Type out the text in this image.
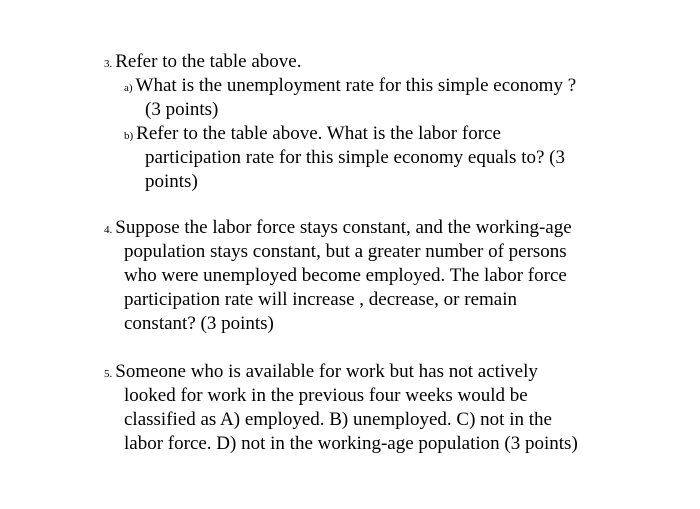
3. Refer to the table above.
a) What is the unemployment rate for this simple economy ?
(3 points)
b) Refer to the table above. What is the labor force
participation rate for this simple economy equals to? (3
points)
4. Suppose the labor force stays constant, and the working-age
population stays constant, but a greater number of persons
who were unemployed become employed. The labor force
participation rate will increase , decrease, or remain
constant? (3 points)
5. Someone who is available for work but has not actively
looked for work in the previous four weeks would be
classified as A) employed. B) unemployed. C) not in the
labor force. D) not in the working-age population (3 points)
